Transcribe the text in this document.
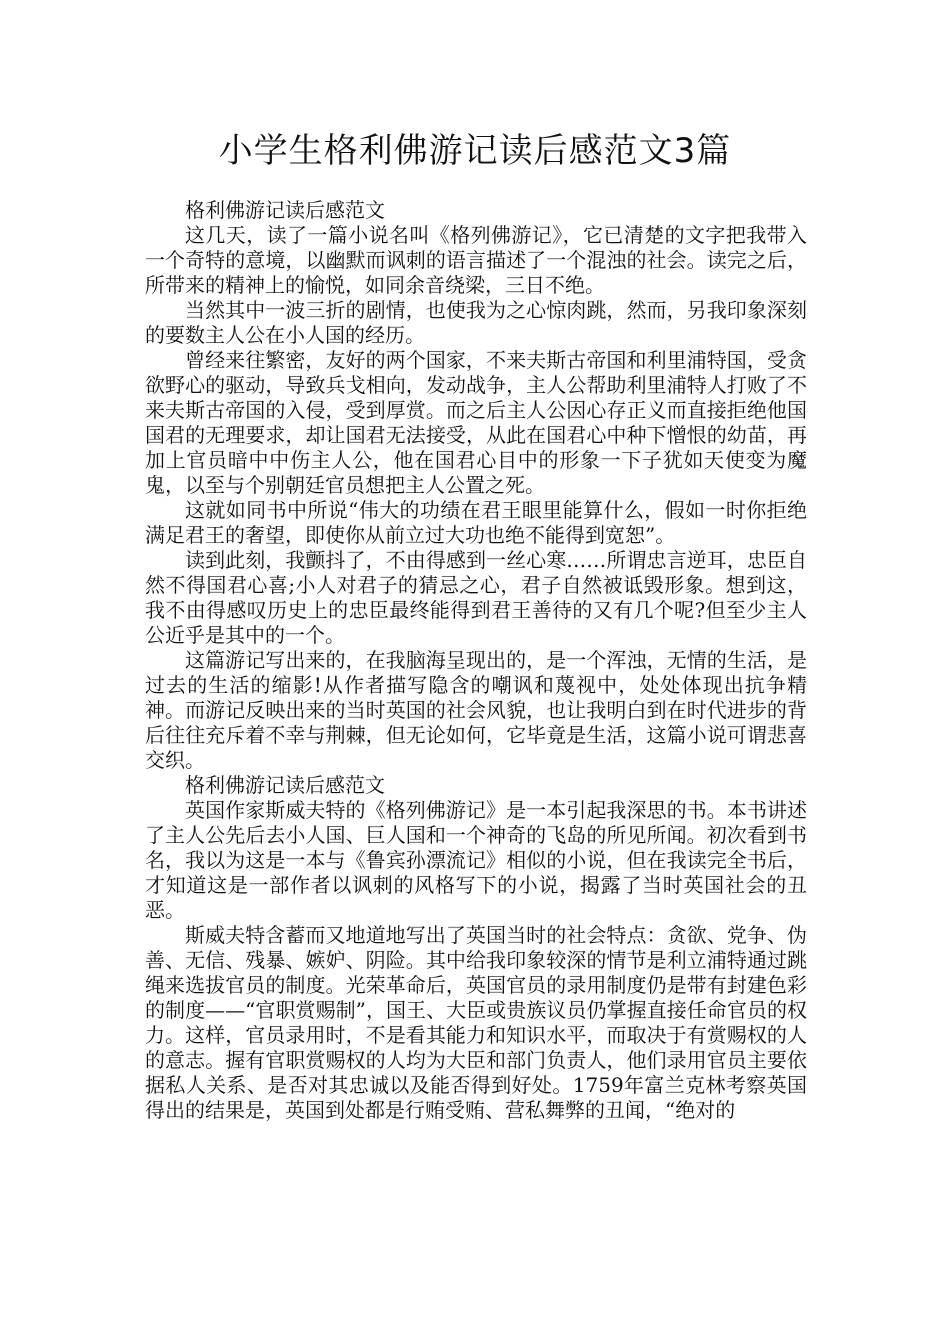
小学生格利佛游记读后感范文3篇

格利佛游记读后感范文

这几天，读了一篇小说名叫《格列佛游记》，它已清楚的文字把我带入一个奇特的意境，以幽默而讽刺的语言描述了一个混浊的社会。读完之后，所带来的精神上的愉悦，如同余音绕梁，三日不绝。

当然其中一波三折的剧情，也使我为之心惊肉跳，然而，另我印象深刻的要数主人公在小人国的经历。

曾经来往繁密，友好的两个国家，不来夫斯古帝国和利里浦特国，受贪欲野心的驱动，导致兵戈相向，发动战争，主人公帮助利里浦特人打败了不来夫斯古帝国的入侵，受到厚赏。而之后主人公因心存正义而直接拒绝他国国君的无理要求，却让国君无法接受，从此在国君心中种下憎恨的幼苗，再加上官员暗中中伤主人公，他在国君心目中的形象一下子犹如天使变为魔鬼，以至与个别朝廷官员想把主人公置之死。

这就如同书中所说“伟大的功绩在君王眼里能算什么，假如一时你拒绝满足君王的奢望，即使你从前立过大功也绝不能得到宽恕”。

读到此刻，我颤抖了，不由得感到一丝心寒……所谓忠言逆耳，忠臣自然不得国君心喜;小人对君子的猜忌之心，君子自然被诋毁形象。想到这，我不由得感叹历史上的忠臣最终能得到君王善待的又有几个呢?但至少主人公近乎是其中的一个。

这篇游记写出来的，在我脑海呈现出的，是一个浑浊，无情的生活，是过去的生活的缩影!从作者描写隐含的嘲讽和蔑视中，处处体现出抗争精神。而游记反映出来的当时英国的社会风貌，也让我明白到在时代进步的背后往往充斥着不幸与荆棘，但无论如何，它毕竟是生活，这篇小说可谓悲喜交织。

格利佛游记读后感范文

英国作家斯威夫特的《格列佛游记》是一本引起我深思的书。本书讲述了主人公先后去小人国、巨人国和一个神奇的飞岛的所见所闻。初次看到书名，我以为这是一本与《鲁宾孙漂流记》相似的小说，但在我读完全书后，才知道这是一部作者以讽刺的风格写下的小说，揭露了当时英国社会的丑恶。

斯威夫特含蓄而又地道地写出了英国当时的社会特点：贪欲、党争、伪善、无信、残暴、嫉妒、阴险。其中给我印象较深的情节是利立浦特通过跳绳来选拔官员的制度。光荣革命后，英国官员的录用制度仍是带有封建色彩的制度——“官职赏赐制”，国王、大臣或贵族议员仍掌握直接任命官员的权力。这样，官员录用时，不是看其能力和知识水平，而取决于有赏赐权的人的意志。握有官职赏赐权的人均为大臣和部门负责人，他们录用官员主要依据私人关系、是否对其忠诚以及能否得到好处。1759年富兰克林考察英国得出的结果是，英国到处都是行贿受贿、营私舞弊的丑闻，“绝对的
